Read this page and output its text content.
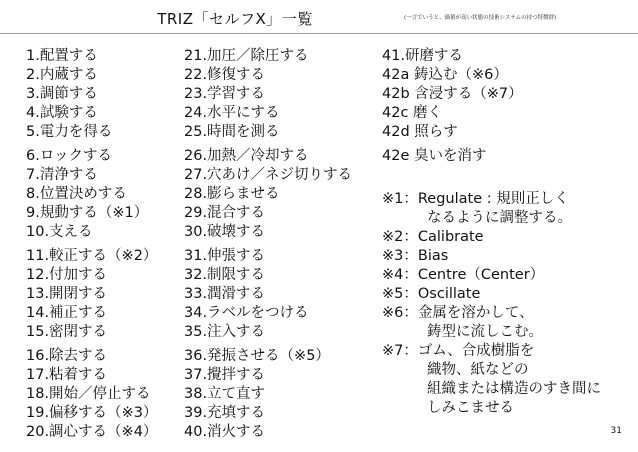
TRIZ「セルフX」一覧	(一言でいうと、価値が高い状態の技術システムの持つ特徴群)
1.配置する
2.内蔵する
3.調節する
4.試験する
5.電力を得る
6.ロックする
7.清浄する
8.位置決めする
9.規動する（※1）
10.支える
11.較正する（※2）
12.付加する
13.開閉する
14.補正する
15.密閉する
16.除去する
17.粘着する
18.開始／停止する
19.偏移する（※3）
20.調心する（※4）
21.加圧／除圧する
22.修復する
23.学習する
24.水平にする
25.時間を測る
26.加熱／冷却する
27.穴あけ／ネジ切りする
28.膨らませる
29.混合する
30.破壊する
31.伸張する
32.制限する
33.潤滑する
34.ラベルをつける
35.注入する
36.発振させる（※5）
37.攪拌する
38.立て直す
39.充填する
40.消火する
41.研磨する
42a 鋳込む（※6）
42b 含浸する（※7）
42c 磨く
42d 照らす
42e 臭いを消す
※1：Regulate : 規則正しく
なるように調整する。
※2：Calibrate
※3：Bias
※4：Centre（Center）
※5：Oscillate
※6：金属を溶かして、
鋳型に流しこむ。
※7：ゴム、合成樹脂を
織物、紙などの
組織または構造のすき間に
しみこませる
31
